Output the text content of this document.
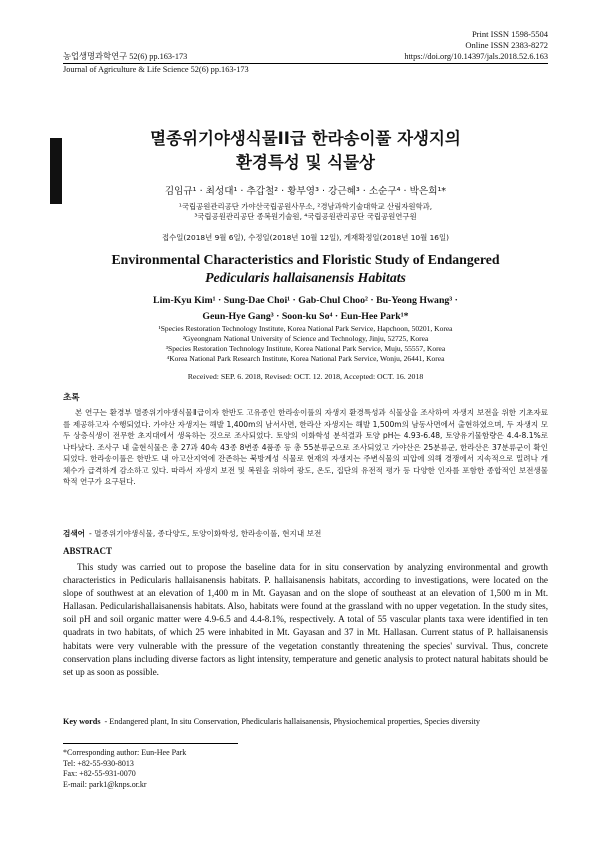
Print ISSN 1598-5504
Online ISSN 2383-8272
농업생명과학연구 52(6) pp.163-173
Journal of Agriculture & Life Science 52(6) pp.163-173
https://doi.org/10.14397/jals.2018.52.6.163
멸종위기야생식물II급 한라송이풀 자생지의
환경특성 및 식물상
김임규¹ · 최성대¹ · 추갑철² · 황부영³ · 강근혜³ · 소순구⁴ · 박은희¹*
¹국립공원관리공단 가야산국립공원사무소, ²경남과학기술대학교 산림자원학과,
³국립공원관리공단 종복원기술원, ⁴국립공원관리공단 국립공원연구원
접수일(2018년 9월 6일), 수정일(2018년 10월 12일), 게재확정일(2018년 10월 16일)
Environmental Characteristics and Floristic Study of Endangered
Pedicularis hallaisanensis Habitats
Lim-Kyu Kim¹ · Sung-Dae Choi¹ · Gab-Chul Choo² · Bu-Yeong Hwang³ ·
Geun-Hye Gang³ · Soon-ku So⁴ · Eun-Hee Park¹*
¹Species Restoration Technology Institute, Korea National Park Service, Hapchoon, 50201, Korea
²Gyeongnam National University of Science and Technology, Jinju, 52725, Korea
³Species Restoration Technology Institute, Korea National Park Service, Muju, 55557, Korea
⁴Korea National Park Research Institute, Korea National Park Service, Wonju, 26441, Korea
Received: SEP. 6. 2018, Revised: OCT. 12. 2018, Accepted: OCT. 16. 2018
초록

본 연구는 환경부 멸종위기야생식물Ⅱ급이자 한반도 고유종인 한라송이풀의 자생지 환경특성과 식물상을 조사하여 자생지 보전을 위한 기초자료를 제공하고자 수행되었다. 가야산 자생지는 해발 1,400m의 남서사면, 한라산 자생지는 해발 1,500m의 남동사면에서 출현하였으며, 두 자생지 모두 상층식생이 전무한 초지대에서 생육하는 것으로 조사되었다. 토양의 이화학성 분석결과 토양 pH는 4.93-6.48, 토양유기물함량은 4.4-8.1%로 나타났다. 조사구 내 출현식물은 총 27과 40속 43종 8변종 4품종 등 총 55분류군으로 조사되었고 가야산은 25분류군, 한라산은 37분류군이 확인되었다. 한라송이풀은 한반도 내 아고산지역에 잔존하는 북방계성 식물로 현재의 자생지는 주변식물의 피압에 의해 경쟁에서 지속적으로 밀려나 개체수가 급격하게 감소하고 있다. 따라서 자생지 보전 및 복원을 위하여 광도, 온도, 집단의 유전적 평가 등 다양한 인자를 포함한 종합적인 보전생물학적 연구가 요구된다.

검색어 - 멸종위기야생식물, 종다양도, 토양이화학성, 한라송이풀, 현지내 보전
ABSTRACT

This study was carried out to propose the baseline data for in situ conservation by analyzing environmental and growth characteristics in Pedicularis hallaisanensis habitats. P. hallaisanensis habitats, according to investigations, were located on the slope of southwest at an elevation of 1,400 m in Mt. Gayasan and on the slope of southeast at an elevation of 1,500 m in Mt. Hallasan. Pedicularishallaisanensis habitats. Also, habitats were found at the grassland with no upper vegetation. In the study sites, soil pH and soil organic matter were 4.9-6.5 and 4.4-8.1%, respectively. A total of 55 vascular plants taxa were identified in ten quadrats in two habitats, of which 25 were inhabited in Mt. Gayasan and 37 in Mt. Hallasan. Current status of P. hallaisanensis habitats were very vulnerable with the pressure of the vegetation constantly threatening the species' survival. Thus, concrete conservation plans including diverse factors as light intensity, temperature and genetic analysis to protect natural habitats should be set up as soon as possible.

Key words - Endangered plant, In situ Conservation, Phedicularis hallaisanensis, Physiochemical properties, Species diversity
*Corresponding author: Eun-Hee Park
Tel: +82-55-930-8013
Fax: +82-55-931-0070
E-mail: park1@knps.or.kr
